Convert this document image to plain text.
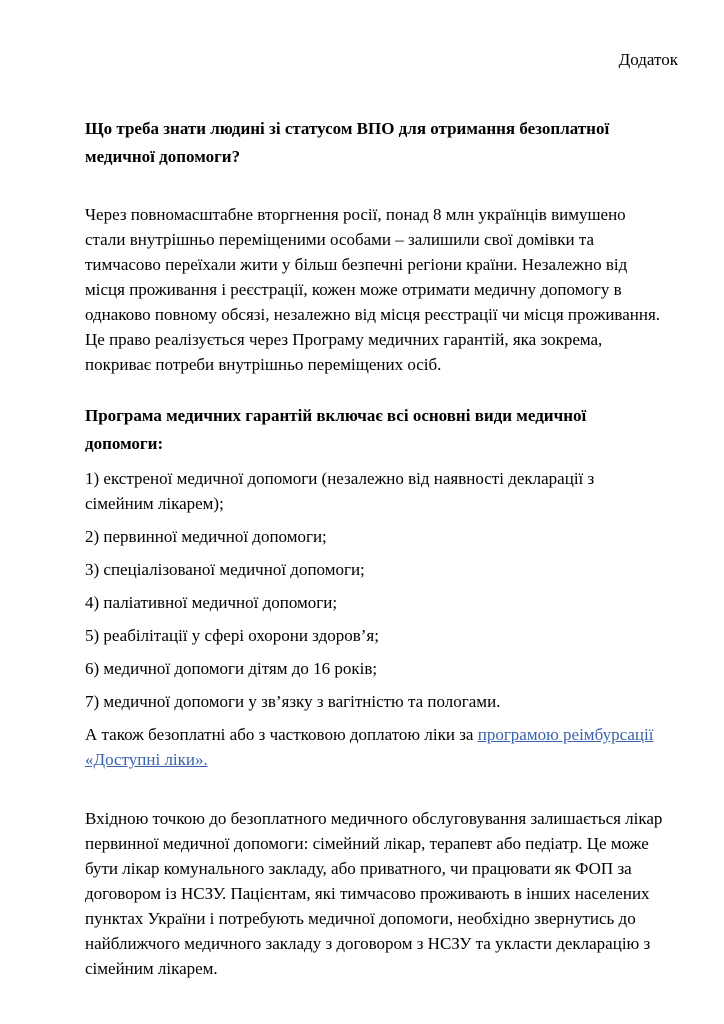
Додаток
Що треба знати людині зі статусом ВПО для отримання безоплатної медичної допомоги?

Через повномасштабне вторгнення росії, понад 8 млн українців вимушено стали внутрішньо переміщеними особами – залишили свої домівки та тимчасово переїхали жити у більш безпечні регіони країни. Незалежно від місця проживання і реєстрації, кожен може отримати медичну допомогу в однаково повному обсязі, незалежно від місця реєстрації чи місця проживання. Це право реалізується через Програму медичних гарантій, яка зокрема, покриває потреби внутрішньо переміщених осіб.

Програма медичних гарантій включає всі основні види медичної допомоги:

1) екстреної медичної допомоги (незалежно від наявності декларації з сімейним лікарем);

2) первинної медичної допомоги;

3) спеціалізованої медичної допомоги;

4) паліативної медичної допомоги;

5) реабілітації у сфері охорони здоров’я;

6) медичної допомоги дітям до 16 років;

7) медичної допомоги у зв’язку з вагітністю та пологами.

А також безоплатні або з частковою доплатою ліки за програмою реімбурсації «Доступні ліки».

Вхідною точкою до безоплатного медичного обслуговування залишається лікар первинної медичної допомоги: сімейний лікар, терапевт або педіатр. Це може бути лікар комунального закладу, або приватного, чи працювати як ФОП за договором із НСЗУ. Пацієнтам, які тимчасово проживають в інших населених пунктах України і потребують медичної допомоги, необхідно звернутись до найближчого медичного закладу з договором з НСЗУ та укласти декларацію з сімейним лікарем.
